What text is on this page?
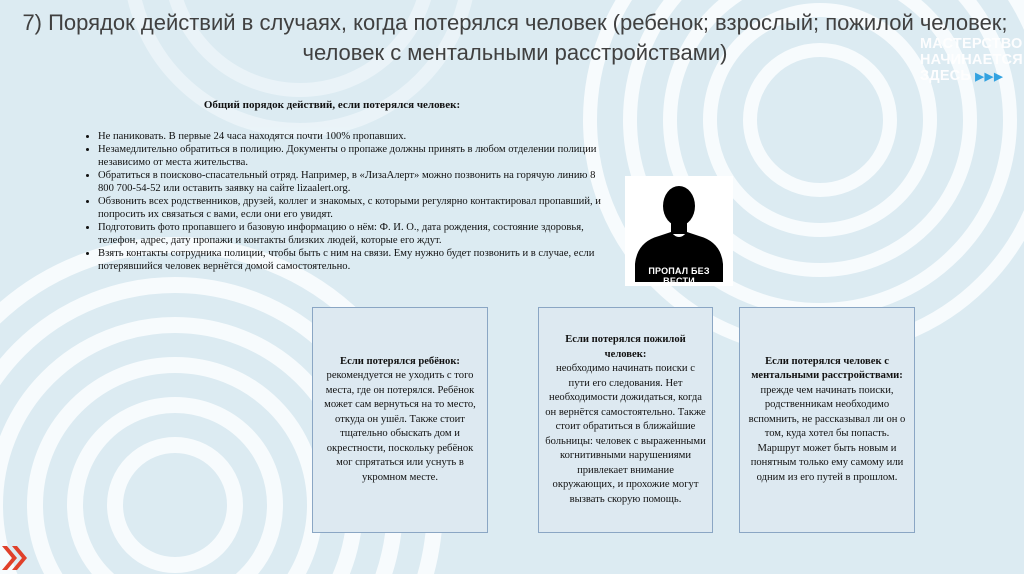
7) Порядок действий в случаях, когда потерялся человек (ребенок; взрослый; пожилой человек; человек с ментальными расстройствами)	МАСТЕРСТВО
НАЧИНАЕТСЯ
ЗДЕСЬ ▶▶▶
Общий порядок действий, если потерялся человек:
• Не паниковать. В первые 24 часа находятся почти 100% пропавших.
• Незамедлительно обратиться в полицию. Документы о пропаже должны принять в любом отделении полиции независимо от места жительства.
• Обратиться в поисково-спасательный отряд. Например, в «ЛизаАлерт» можно позвонить на горячую линию 8 800 700-54-52 или оставить заявку на сайте lizaalert.org.
• Обзвонить всех родственников, друзей, коллег и знакомых, с которыми регулярно контактировал пропавший, и попросить их связаться с вами, если они его увидят.
• Подготовить фото пропавшего и базовую информацию о нём: Ф. И. О., дата рождения, состояние здоровья, телефон, адрес, дату пропажи и контакты близких людей, которые его ждут.
• Взять контакты сотрудника полиции, чтобы быть с ним на связи. Ему нужно будет позвонить и в случае, если потерявшийся человек вернётся домой самостоятельно.	ПРОПАЛ БЕЗ ВЕСТИ
Если потерялся ребёнок:
рекомендуется не уходить с того места, где он потерялся. Ребёнок может сам вернуться на то место, откуда он ушёл. Также стоит тщательно обыскать дом и окрестности, поскольку ребёнок мог спрятаться или уснуть в укромном месте.
Если потерялся пожилой человек:
необходимо начинать поиски с пути его следования. Нет необходимости дожидаться, когда он вернётся самостоятельно. Также стоит обратиться в ближайшие больницы: человек с выраженными когнитивными нарушениями привлекает внимание окружающих, и прохожие могут вызвать скорую помощь.
Если потерялся человек с ментальными расстройствами:
прежде чем начинать поиски, родственникам необходимо вспомнить, не рассказывал ли он о том, куда хотел бы попасть. Маршрут может быть новым и понятным только ему самому или одним из его путей в прошлом.
